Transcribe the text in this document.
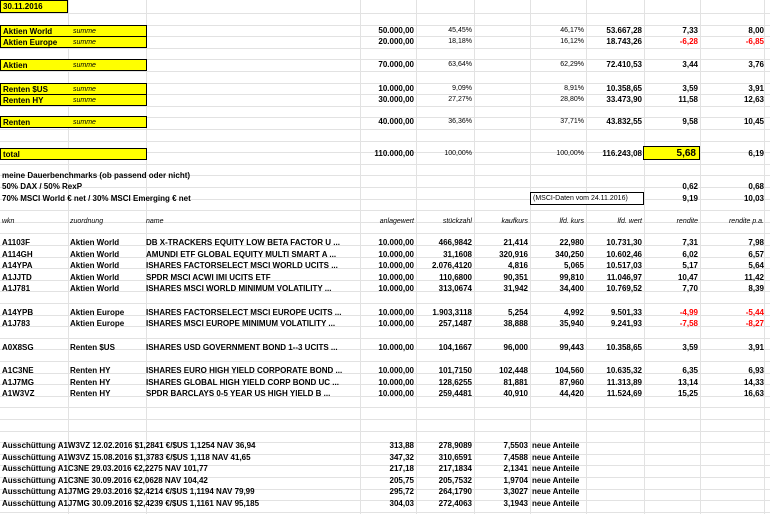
30.11.2016
Aktien World	summe	50.000,00	45,45%	46,17%	53.667,28	7,33	8,00
Aktien Europe summe	20.000,00	18,18%	16,12%	18.743,26	-6,28	-6,85
Aktien	summe	70.000,00	63,64%	62,29%	72.410,53	3,44	3,76
Renten $US	summe	10.000,00	9,09%	8,91%	10.358,65	3,59	3,91
Renten HY	summe	30.000,00	27,27%	28,80%	33.473,90	11,58	12,63
Renten	summe	40.000,00	36,36%	37,71%	43.832,55	9,58	10,45
total	110.000,00	100,00%	100,00%	116.243,08	5,68	6,19
meine Dauerbenchmarks (ob passend oder nicht)
50% DAX / 50% RexP	0,62	0,68
70% MSCI World € net / 30% MSCI Emerging € net	(MSCI-Daten vom 24.11.2016)	9,19	10,03
wkn	zuordnung	name	anlagewert	stückzahl	kaufkurs	lfd. kurs	lfd. wert	rendite	rendite p.a.
A1103F	Aktien World	DB X-TRACKERS EQUITY LOW BETA FACTOR U ...	10.000,00	466,9842	21,414	22,980	10.731,30	7,31	7,98
A114GH	Aktien World	AMUNDI ETF GLOBAL EQUITY MULTI SMART A ...	10.000,00	31,1608	320,916	340,250	10.602,46	6,02	6,57
A14YPA	Aktien World	ISHARES FACTORSELECT MSCI WORLD UCITS ...	10.000,00	2.076,4120	4,816	5,065	10.517,03	5,17	5,64
A1JJTD	Aktien World	SPDR MSCI ACWI IMI UCITS ETF	10.000,00	110,6800	90,351	99,810	11.046,97	10,47	11,42
A1J781	Aktien World	ISHARES MSCI WORLD MINIMUM VOLATILITY ...	10.000,00	313,0674	31,942	34,400	10.769,52	7,70	8,39
A14YPB	Aktien Europe	ISHARES FACTORSELECT MSCI EUROPE UCITS ...	10.000,00	1.903,3118	5,254	4,992	9.501,33	-4,99	-5,44
A1J783	Aktien Europe	ISHARES MSCI EUROPE MINIMUM VOLATILITY ...	10.000,00	257,1487	38,888	35,940	9.241,93	-7,58	-8,27
A0X8SG	Renten $US	ISHARES USD GOVERNMENT BOND 1--3 UCITS ...	10.000,00	104,1667	96,000	99,443	10.358,65	3,59	3,91
A1C3NE	Renten HY	ISHARES EURO HIGH YIELD CORPORATE BOND ...	10.000,00	101,7150	102,448	104,560	10.635,32	6,35	6,93
A1J7MG	Renten HY	ISHARES GLOBAL HIGH YIELD CORP BOND UC ...	10.000,00	128,6255	81,881	87,960	11.313,89	13,14	14,33
A1W3VZ	Renten HY	SPDR BARCLAYS 0-5 YEAR US HIGH YIELD B ...	10.000,00	259,4481	40,910	44,420	11.524,69	15,25	16,63
Ausschüttung A1W3VZ 12.02.2016 $1,2841 €/$US 1,1254 NAV 36,94	313,88	278,9089	7,5503 neue Anteile
Ausschüttung A1W3VZ 15.08.2016 $1,3783 €/$US 1,118 NAV 41,65	347,32	310,6591	7,4588 neue Anteile
Ausschüttung A1C3NE 29.03.2016 €2,2275 NAV 101,77	217,18	217,1834	2,1341 neue Anteile
Ausschüttung A1C3NE 30.09.2016 €2,0628 NAV 104,42	205,75	205,7532	1,9704 neue Anteile
Ausschüttung A1J7MG 29.03.2016 $2,4214 €/$US 1,1194 NAV 79,99	295,72	264,1790	3,3027 neue Anteile
Ausschüttung A1J7MG 30.09.2016 $2,4239 €/$US 1,1161 NAV 95,185	304,03	272,4063	3,1943 neue Anteile
